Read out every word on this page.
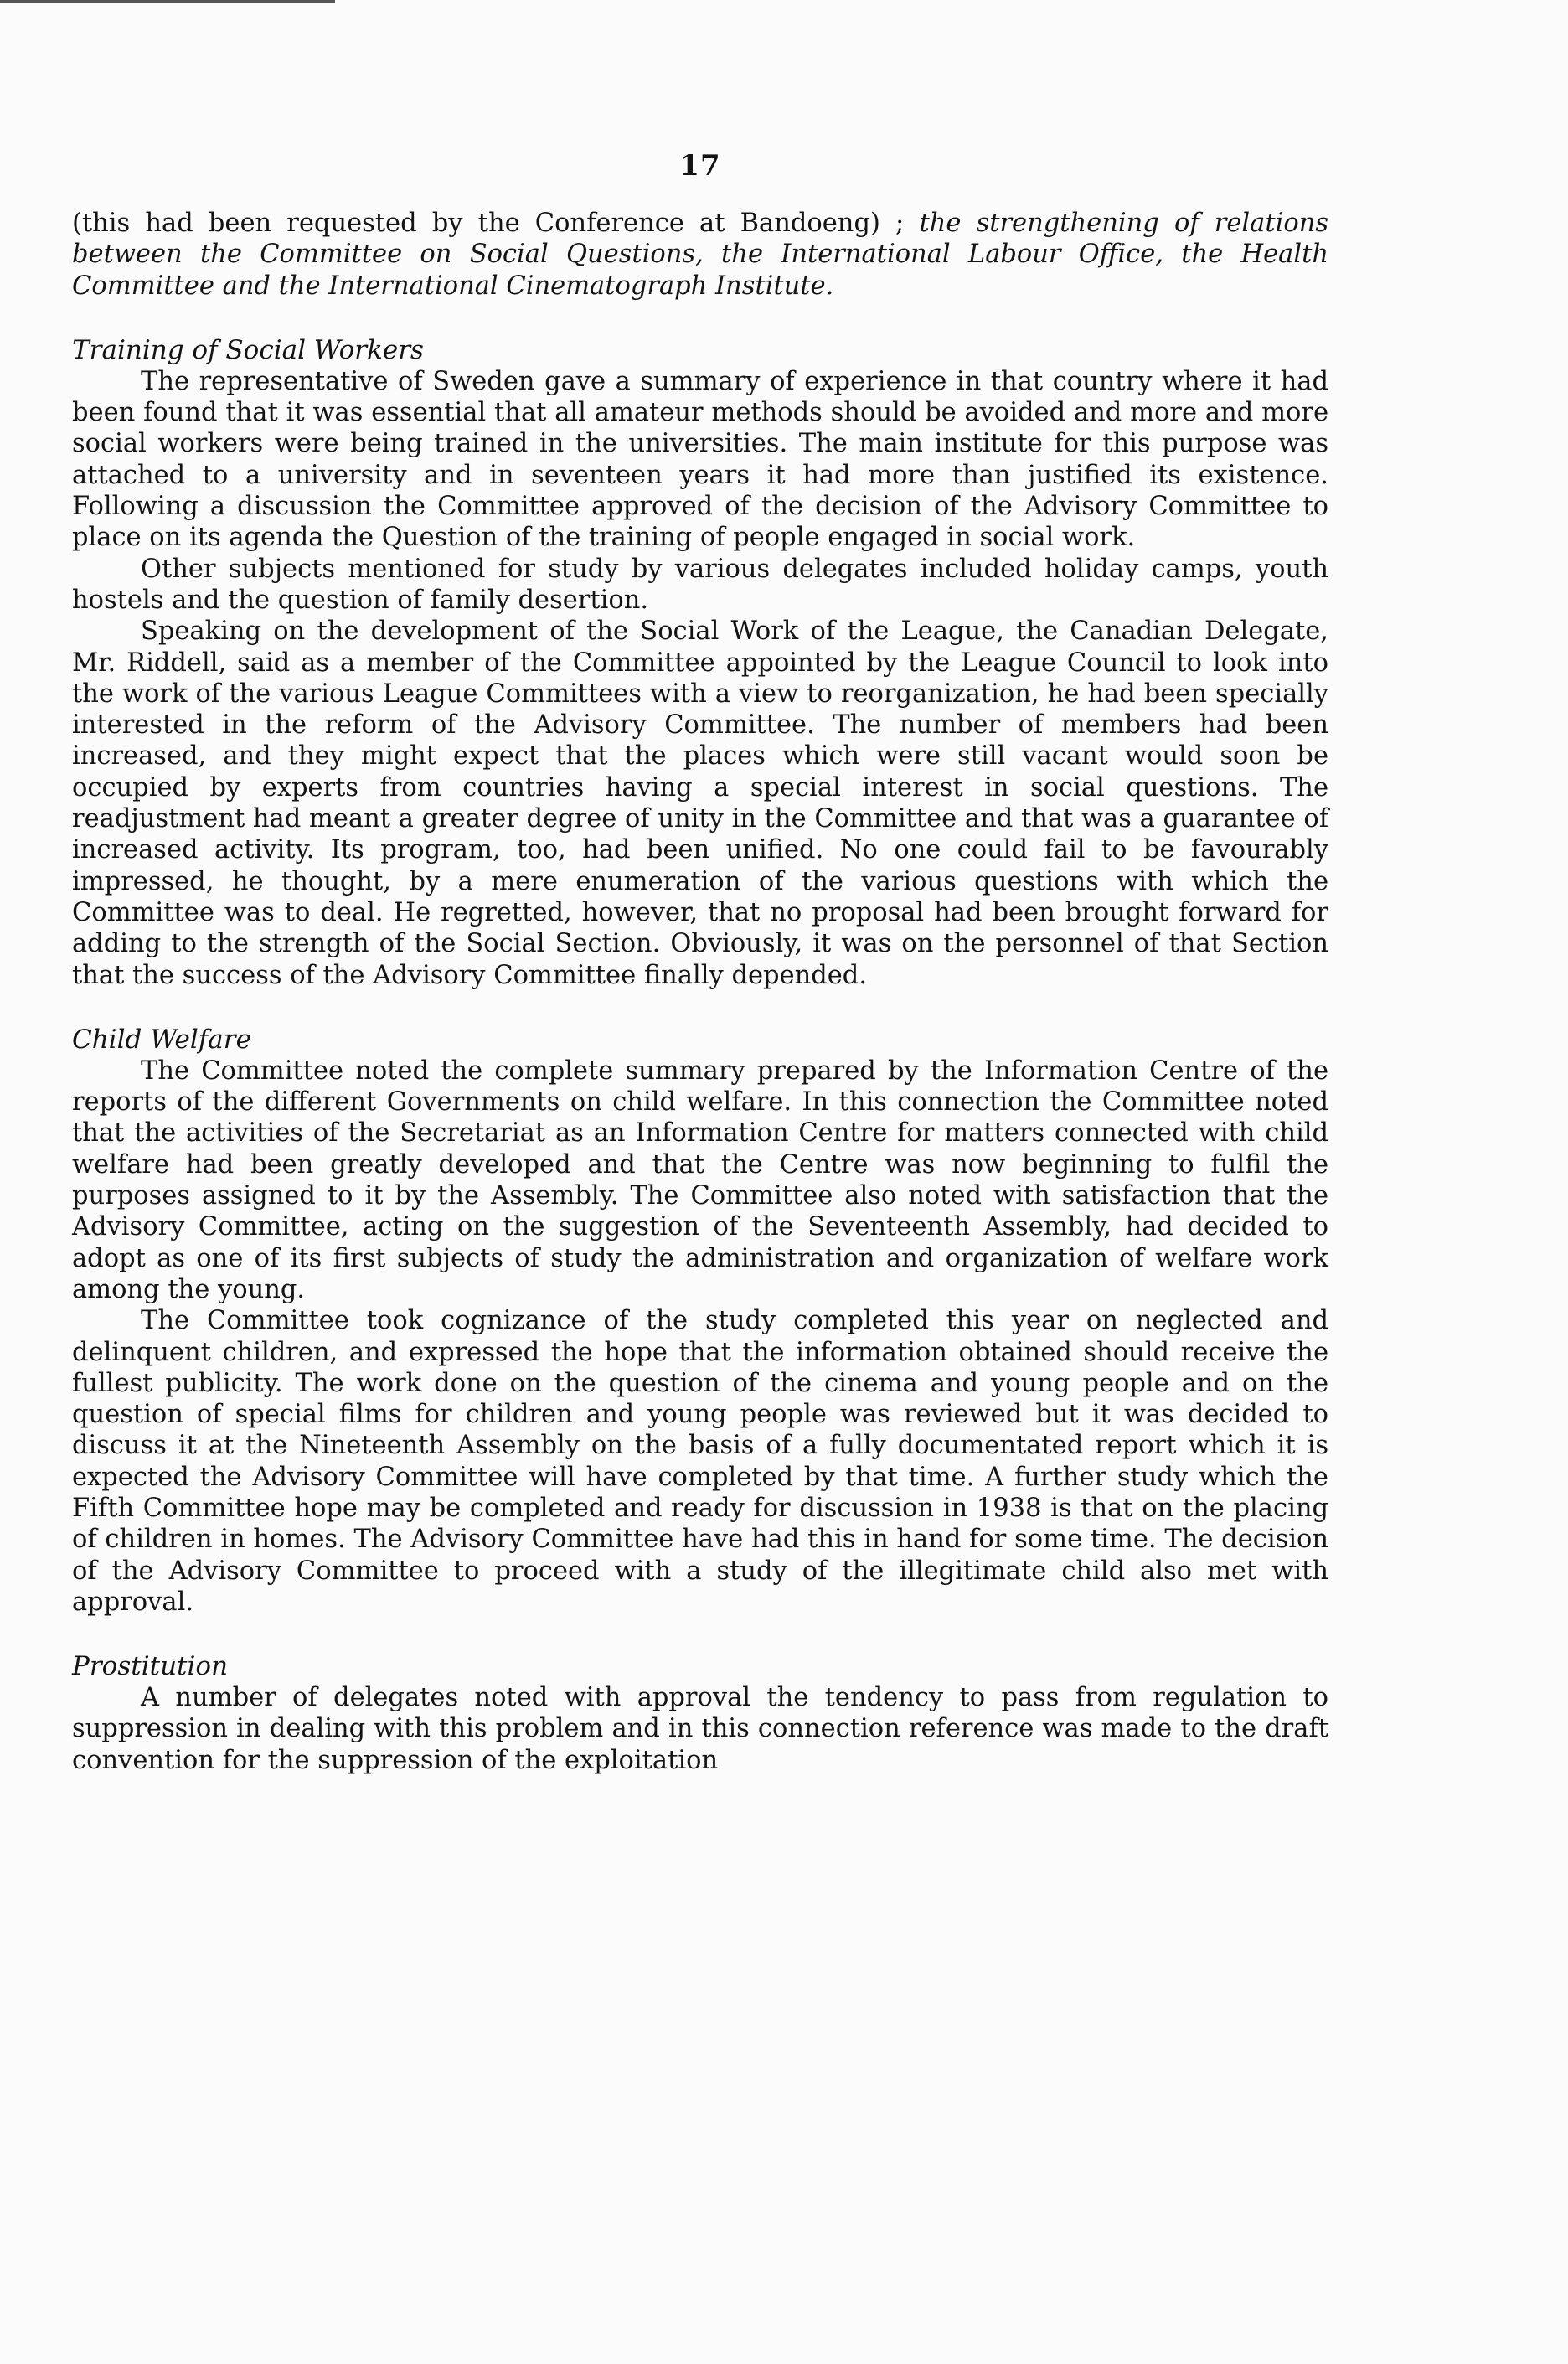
17

(this had been requested by the Conference at Bandoeng) ; the strengthening of relations between the Committee on Social Questions, the International Labour Office, the Health Committee and the International Cinematograph Institute.

Training of Social Workers

The representative of Sweden gave a summary of experience in that country where it had been found that it was essential that all amateur methods should be avoided and more and more social workers were being trained in the universities. The main institute for this purpose was attached to a university and in seventeen years it had more than justified its existence. Following a discussion the Committee approved of the decision of the Advisory Committee to place on its agenda the Question of the training of people engaged in social work.

Other subjects mentioned for study by various delegates included holiday camps, youth hostels and the question of family desertion.

Speaking on the development of the Social Work of the League, the Canadian Delegate, Mr. Riddell, said as a member of the Committee appointed by the League Council to look into the work of the various League Committees with a view to reorganization, he had been specially interested in the reform of the Advisory Committee. The number of members had been increased, and they might expect that the places which were still vacant would soon be occupied by experts from countries having a special interest in social questions. The readjustment had meant a greater degree of unity in the Committee and that was a guarantee of increased activity. Its program, too, had been unified. No one could fail to be favourably impressed, he thought, by a mere enumeration of the various questions with which the Committee was to deal. He regretted, however, that no proposal had been brought forward for adding to the strength of the Social Section. Obviously, it was on the personnel of that Section that the success of the Advisory Committee finally depended.

Child Welfare

The Committee noted the complete summary prepared by the Information Centre of the reports of the different Governments on child welfare. In this connection the Committee noted that the activities of the Secretariat as an Information Centre for matters connected with child welfare had been greatly developed and that the Centre was now beginning to fulfil the purposes assigned to it by the Assembly. The Committee also noted with satisfaction that the Advisory Committee, acting on the suggestion of the Seventeenth Assembly, had decided to adopt as one of its first subjects of study the administration and organization of welfare work among the young.

The Committee took cognizance of the study completed this year on neglected and delinquent children, and expressed the hope that the information obtained should receive the fullest publicity. The work done on the question of the cinema and young people and on the question of special films for children and young people was reviewed but it was decided to discuss it at the Nineteenth Assembly on the basis of a fully documentated report which it is expected the Advisory Committee will have completed by that time. A further study which the Fifth Committee hope may be completed and ready for discussion in 1938 is that on the placing of children in homes. The Advisory Committee have had this in hand for some time. The decision of the Advisory Committee to proceed with a study of the illegitimate child also met with approval.

Prostitution

A number of delegates noted with approval the tendency to pass from regulation to suppression in dealing with this problem and in this connection reference was made to the draft convention for the suppression of the exploitation
